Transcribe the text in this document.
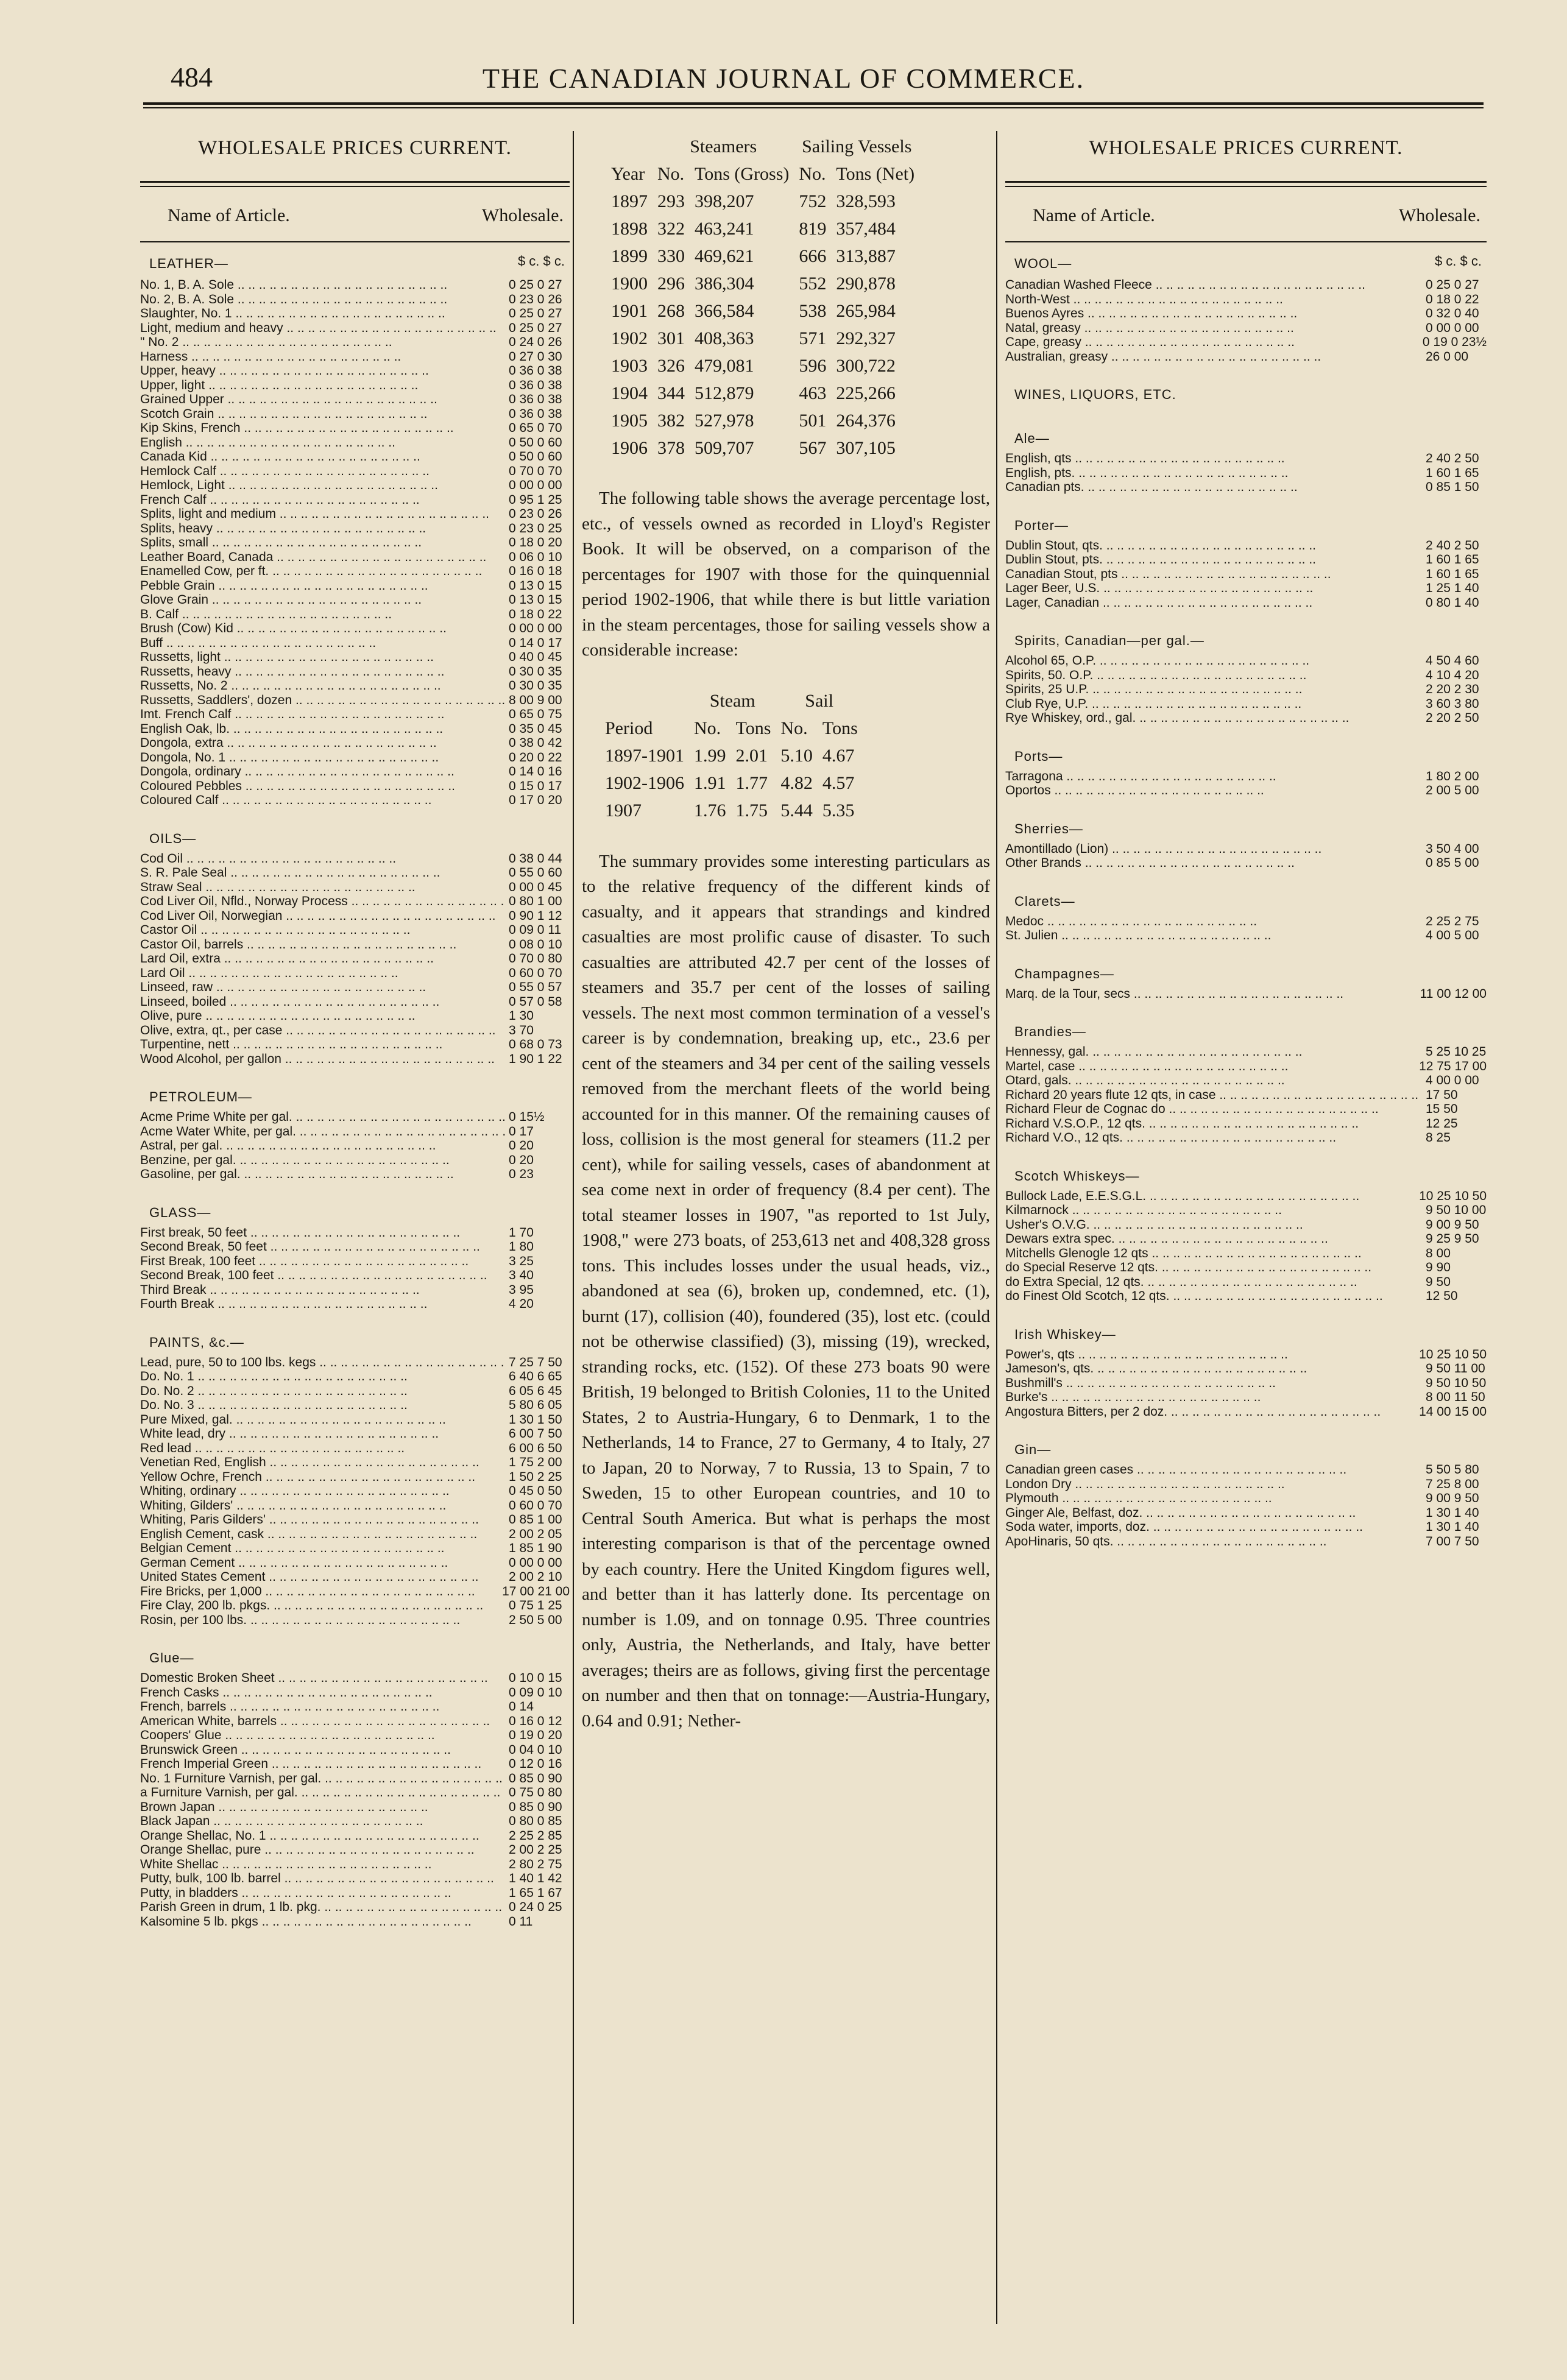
484	THE CANADIAN JOURNAL OF COMMERCE.
WHOLESALE PRICES CURRENT.
Name of Article.	Wholesale.
LEATHER—	$ c. $ c.
No. 1, B. A. Sole .. ..	0 25 0 27
No. 2, B. A. Sole .. ..	0 23 0 26
Slaughter, No. 1 .. ..	0 25 0 27
Light, medium and heavy .. ..	0 25 0 27
" No. 2 .. ..	0 24 0 26
Harness .. ..	0 27 0 30
Upper, heavy .. ..	0 36 0 38
Upper, light .. ..	0 36 0 38
Grained Upper .. ..	0 36 0 38
Scotch Grain .. ..	0 36 0 38
Kip Skins, French .. ..	0 65 0 70
English .. ..	0 50 0 60
Canada Kid .. ..	0 50 0 60
Hemlock Calf .. ..	0 70 0 70
Hemlock, Light .. ..	0 00 0 00
French Calf .. ..	0 95 1 25
Splits, light and medium .. ..	0 23 0 26
Splits, heavy .. ..	0 23 0 25
Splits, small .. ..	0 18 0 20
Leather Board, Canada .. ..	0 06 0 10
Enamelled Cow, per ft. .. ..	0 16 0 18
Pebble Grain .. ..	0 13 0 15
Glove Grain .. ..	0 13 0 15
B. Calf .. ..	0 18 0 22
Brush (Cow) Kid .. ..	0 00 0 00
Buff .. ..	0 14 0 17
Russetts, light .. ..	0 40 0 45
Russetts, heavy .. ..	0 30 0 35
Russetts, No. 2 .. ..	0 30 0 35
Russetts, Saddlers', dozen .. ..	8 00 9 00
Imt. French Calf .. ..	0 65 0 75
English Oak, lb. .. ..	0 35 0 45
Dongola, extra .. ..	0 38 0 42
Dongola, No. 1 .. ..	0 20 0 22
Dongola, ordinary .. ..	0 14 0 16
Coloured Pebbles .. ..	0 15 0 17
Coloured Calf .. ..	0 17 0 20
OILS—
Cod Oil .. ..	0 38 0 44
S. R. Pale Seal .. ..	0 55 0 60
Straw Seal .. ..	0 00 0 45
Cod Liver Oil, Nfld., Norway Process .. ..	0 80 1 00
Cod Liver Oil, Norwegian .. ..	0 90 1 12
Castor Oil .. ..	0 09 0 11
Castor Oil, barrels .. ..	0 08 0 10
Lard Oil, extra .. ..	0 70 0 80
Lard Oil .. ..	0 60 0 70
Linseed, raw .. ..	0 55 0 57
Linseed, boiled .. ..	0 57 0 58
Olive, pure .. ..	1 30
Olive, extra, qt., per case .. ..	3 70
Turpentine, nett .. ..	0 68 0 73
Wood Alcohol, per gallon .. ..	1 90 1 22
PETROLEUM—
Acme Prime White per gal. .. ..	0 15½
Acme Water White, per gal. .. ..	0 17
Astral, per gal. .. ..	0 20
Benzine, per gal. .. ..	0 20
Gasoline, per gal. .. ..	0 23
GLASS—
First break, 50 feet .. ..	1 70
Second Break, 50 feet .. ..	1 80
First Break, 100 feet .. ..	3 25
Second Break, 100 feet .. ..	3 40
Third Break .. ..	3 95
Fourth Break .. ..	4 20
PAINTS, &c.—
Lead, pure, 50 to 100 lbs. kegs .. ..	7 25 7 50
Do. No. 1 .. ..	6 40 6 65
Do. No. 2 .. ..	6 05 6 45
Do. No. 3 .. ..	5 80 6 05
Pure Mixed, gal. .. ..	1 30 1 50
White lead, dry .. ..	6 00 7 50
Red lead .. ..	6 00 6 50
Venetian Red, English .. ..	1 75 2 00
Yellow Ochre, French .. ..	1 50 2 25
Whiting, ordinary .. ..	0 45 0 50
Whiting, Gilders' .. ..	0 60 0 70
Whiting, Paris Gilders' .. ..	0 85 1 00
English Cement, cask .. ..	2 00 2 05
Belgian Cement .. ..	1 85 1 90
German Cement .. ..	0 00 0 00
United States Cement .. ..	2 00 2 10
Fire Bricks, per 1,000 .. ..	17 00 21 00
Fire Clay, 200 lb. pkgs. .. ..	0 75 1 25
Rosin, per 100 lbs. .. ..	2 50 5 00
Glue—
Domestic Broken Sheet .. ..	0 10 0 15
French Casks .. ..	0 09 0 10
French, barrels .. ..	0 14
American White, barrels .. ..	0 16 0 12
Coopers' Glue .. ..	0 19 0 20
Brunswick Green .. ..	0 04 0 10
French Imperial Green .. ..	0 12 0 16
No. 1 Furniture Varnish, per gal. .. ..	0 85 0 90
a Furniture Varnish, per gal. .. ..	0 75 0 80
Brown Japan .. ..	0 85 0 90
Black Japan .. ..	0 80 0 85
Orange Shellac, No. 1 .. ..	2 25 2 85
Orange Shellac, pure .. ..	2 00 2 25
White Shellac .. ..	2 80 2 75
Putty, bulk, 100 lb. barrel .. ..	1 40 1 42
Putty, in bladders .. ..	1 65 1 67
Parish Green in drum, 1 lb. pkg. .. ..	0 24 0 25
Kalsomine 5 lb. pkgs .. ..	0 11
	Steamers		Sailing Vessels	
Year	No.	Tons (Gross)	No.	Tons (Net)
1897	293	398,207	752	328,593
1898	322	463,241	819	357,484
1899	330	469,621	666	313,887
1900	296	386,304	552	290,878
1901	268	366,584	538	265,984
1902	301	408,363	571	292,327
1903	326	479,081	596	300,722
1904	344	512,879	463	225,266
1905	382	527,978	501	264,376
1906	378	509,707	567	307,105

The following table shows the average percentage lost, etc., of vessels owned as recorded in Lloyd's Register Book. It will be observed, on a comparison of the percentages for 1907 with those for the quinquennial period 1902-1906, that while there is but little variation in the steam percentages, those for sailing vessels show a considerable increase:

	Steam		Sail	
Period	No.	Tons	No.	Tons
1897-1901	1.99	2.01	5.10	4.67
1902-1906	1.91	1.77	4.82	4.57
1907	1.76	1.75	5.44	5.35

The summary provides some interesting particulars as to the relative frequency of the different kinds of casualty, and it appears that strandings and kindred casualties are most prolific cause of disaster. To such casualties are attributed 42.7 per cent of the losses of steamers and 35.7 per cent of the losses of sailing vessels. The next most common termination of a vessel's career is by condemnation, breaking up, etc., 23.6 per cent of the steamers and 34 per cent of the sailing vessels removed from the merchant fleets of the world being accounted for in this manner. Of the remaining causes of loss, collision is the most general for steamers (11.2 per cent), while for sailing vessels, cases of abandonment at sea come next in order of frequency (8.4 per cent). The total steamer losses in 1907, "as reported to 1st July, 1908," were 273 boats, of 253,613 net and 408,328 gross tons. This includes losses under the usual heads, viz., abandoned at sea (6), broken up, condemned, etc. (1), burnt (17), collision (40), foundered (35), lost etc. (could not be otherwise classified) (3), missing (19), wrecked, stranding rocks, etc. (152). Of these 273 boats 90 were British, 19 belonged to British Colonies, 11 to the United States, 2 to Austria-Hungary, 6 to Denmark, 1 to the Netherlands, 14 to France, 27 to Germany, 4 to Italy, 27 to Japan, 20 to Norway, 7 to Russia, 13 to Spain, 7 to Sweden, 15 to other European countries, and 10 to Central South America. But what is perhaps the most interesting comparison is that of the percentage owned by each country. Here the United Kingdom figures well, and better than it has latterly done. Its percentage on number is 1.09, and on tonnage 0.95. Three countries only, Austria, the Netherlands, and Italy, have better averages; theirs are as follows, giving first the percentage on number and then that on tonnage:—Austria-Hungary, 0.64 and 0.91; Nether-

WHOLESALE PRICES CURRENT.
Name of Article.	Wholesale.
WOOL—	$ c. $ c.
Canadian Washed Fleece .. ..	0 25 0 27
North-West .. ..	0 18 0 22
Buenos Ayres .. ..	0 32 0 40
Natal, greasy .. ..	0 00 0 00
Cape, greasy .. ..	0 19 0 23½
Australian, greasy .. ..	26 0 00
WINES, LIQUORS, ETC.
Ale—
English, qts .. ..	2 40 2 50
English, pts. .. ..	1 60 1 65
Canadian pts. .. ..	0 85 1 50
Porter—
Dublin Stout, qts. .. ..	2 40 2 50
Dublin Stout, pts. .. ..	1 60 1 65
Canadian Stout, pts .. ..	1 60 1 65
Lager Beer, U.S. .. ..	1 25 1 40
Lager, Canadian .. ..	0 80 1 40
Spirits, Canadian—per gal.—
Alcohol 65, O.P. .. ..	4 50 4 60
Spirits, 50. O.P. .. ..	4 10 4 20
Spirits, 25 U.P. .. ..	2 20 2 30
Club Rye, U.P. .. ..	3 60 3 80
Rye Whiskey, ord., gal. .. ..	2 20 2 50
Ports—
Tarragona .. ..	1 80 2 00
Oportos .. ..	2 00 5 00
Sherries—
Amontillado (Lion) .. ..	3 50 4 00
Other Brands .. ..	0 85 5 00
Clarets—
Medoc .. ..	2 25 2 75
St. Julien .. ..	4 00 5 00
Champagnes—
Marq. de la Tour, secs .. ..	11 00 12 00
Brandies—
Hennessy, gal. .. ..	5 25 10 25
Martel, case .. ..	12 75 17 00
Otard, gals. .. ..	4 00 0 00
Richard 20 years flute 12 qts, in case .. ..	17 50
Richard Fleur de Cognac do .. ..	15 50
Richard V.S.O.P., 12 qts. .. ..	12 25
Richard V.O., 12 qts. .. ..	8 25
Scotch Whiskeys—
Bullock Lade, E.E.S.G.L. .. ..	10 25 10 50
Kilmarnock .. ..	9 50 10 00
Usher's O.V.G. .. ..	9 00 9 50
Dewars extra spec. .. ..	9 25 9 50
Mitchells Glenogle 12 qts .. ..	8 00
do Special Reserve 12 qts. .. ..	9 90
do Extra Special, 12 qts. .. ..	9 50
do Finest Old Scotch, 12 qts. .. ..	12 50
Irish Whiskey—
Power's, qts .. ..	10 25 10 50
Jameson's, qts. .. ..	9 50 11 00
Bushmill's .. ..	9 50 10 50
Burke's .. ..	8 00 11 50
Angostura Bitters, per 2 doz. .. ..	14 00 15 00
Gin—
Canadian green cases .. ..	5 50 5 80
London Dry .. ..	7 25 8 00
Plymouth .. ..	9 00 9 50
Ginger Ale, Belfast, doz. .. ..	1 30 1 40
Soda water, imports, doz. .. ..	1 30 1 40
ApoHinaris, 50 qts. .. ..	7 00 7 50
